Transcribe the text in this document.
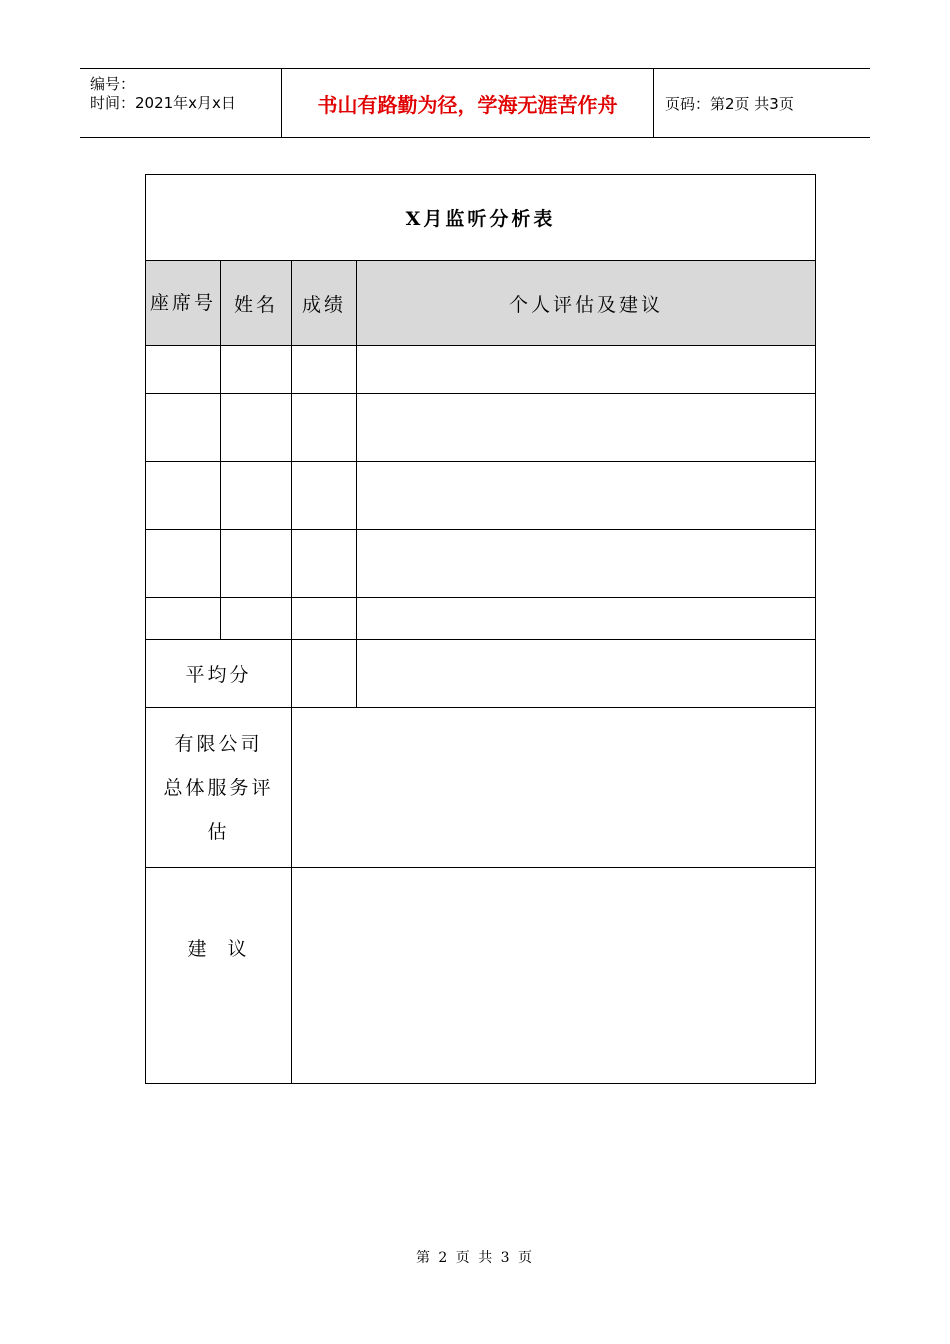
编号：
时间：2021年x月x日	书山有路勤为径，学海无涯苦作舟	页码：第2页 共3页
X月监听分析表			
座席号	姓名	成绩	个人评估及建议

平均分			

有限公司
总体服务评
估			

建  议			
第 2 页 共 3 页
